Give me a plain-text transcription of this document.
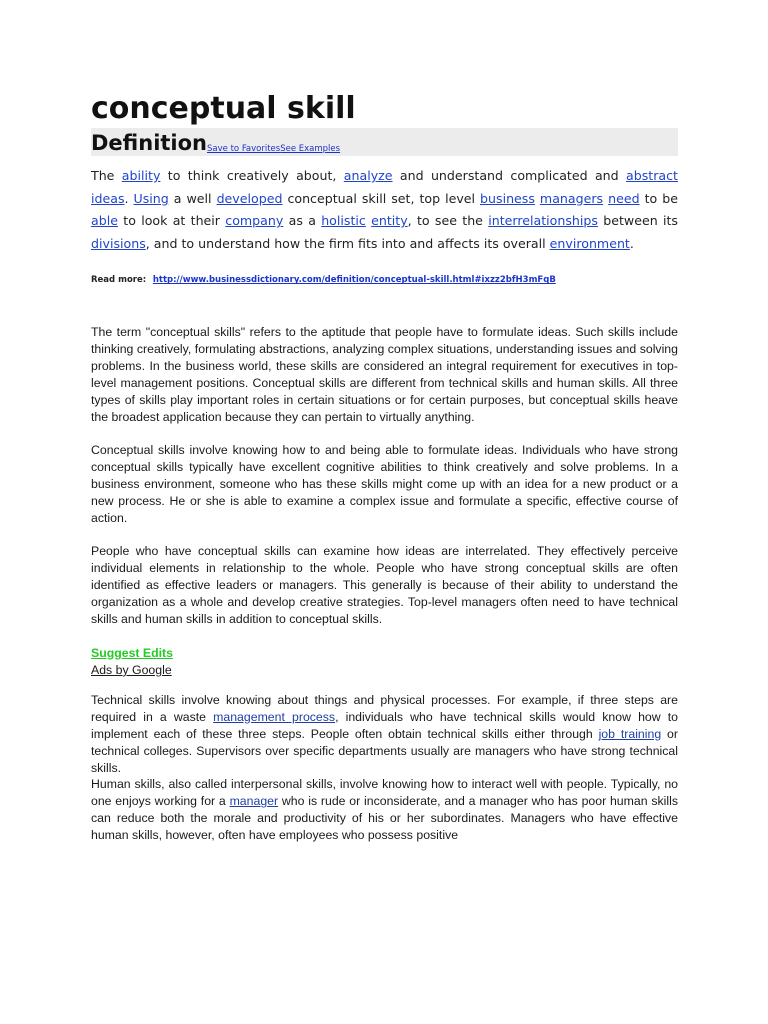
conceptual skill
Definition Save to Favorites See Examples
The ability to think creatively about, analyze and understand complicated and abstract ideas. Using a well developed conceptual skill set, top level business managers need to be able to look at their company as a holistic entity, to see the interrelationships between its divisions, and to understand how the firm fits into and affects its overall environment.
Read more: http://www.businessdictionary.com/definition/conceptual-skill.html#ixzz2bfH3mFqB

The term "conceptual skills" refers to the aptitude that people have to formulate ideas. Such skills include thinking creatively, formulating abstractions, analyzing complex situations, understanding issues and solving problems. In the business world, these skills are considered an integral requirement for executives in top-level management positions. Conceptual skills are different from technical skills and human skills. All three types of skills play important roles in certain situations or for certain purposes, but conceptual skills heave the broadest application because they can pertain to virtually anything.

Conceptual skills involve knowing how to and being able to formulate ideas. Individuals who have strong conceptual skills typically have excellent cognitive abilities to think creatively and solve problems. In a business environment, someone who has these skills might come up with an idea for a new product or a new process. He or she is able to examine a complex issue and formulate a specific, effective course of action.

People who have conceptual skills can examine how ideas are interrelated. They effectively perceive individual elements in relationship to the whole. People who have strong conceptual skills are often identified as effective leaders or managers. This generally is because of their ability to understand the organization as a whole and develop creative strategies. Top-level managers often need to have technical skills and human skills in addition to conceptual skills.

Suggest Edits
Ads by Google

Technical skills involve knowing about things and physical processes. For example, if three steps are required in a waste management process, individuals who have technical skills would know how to implement each of these three steps. People often obtain technical skills either through job training or technical colleges. Supervisors over specific departments usually are managers who have strong technical skills.

Human skills, also called interpersonal skills, involve knowing how to interact well with people. Typically, no one enjoys working for a manager who is rude or inconsiderate, and a manager who has poor human skills can reduce both the morale and productivity of his or her subordinates. Managers who have effective human skills, however, often have employees who possess positive
